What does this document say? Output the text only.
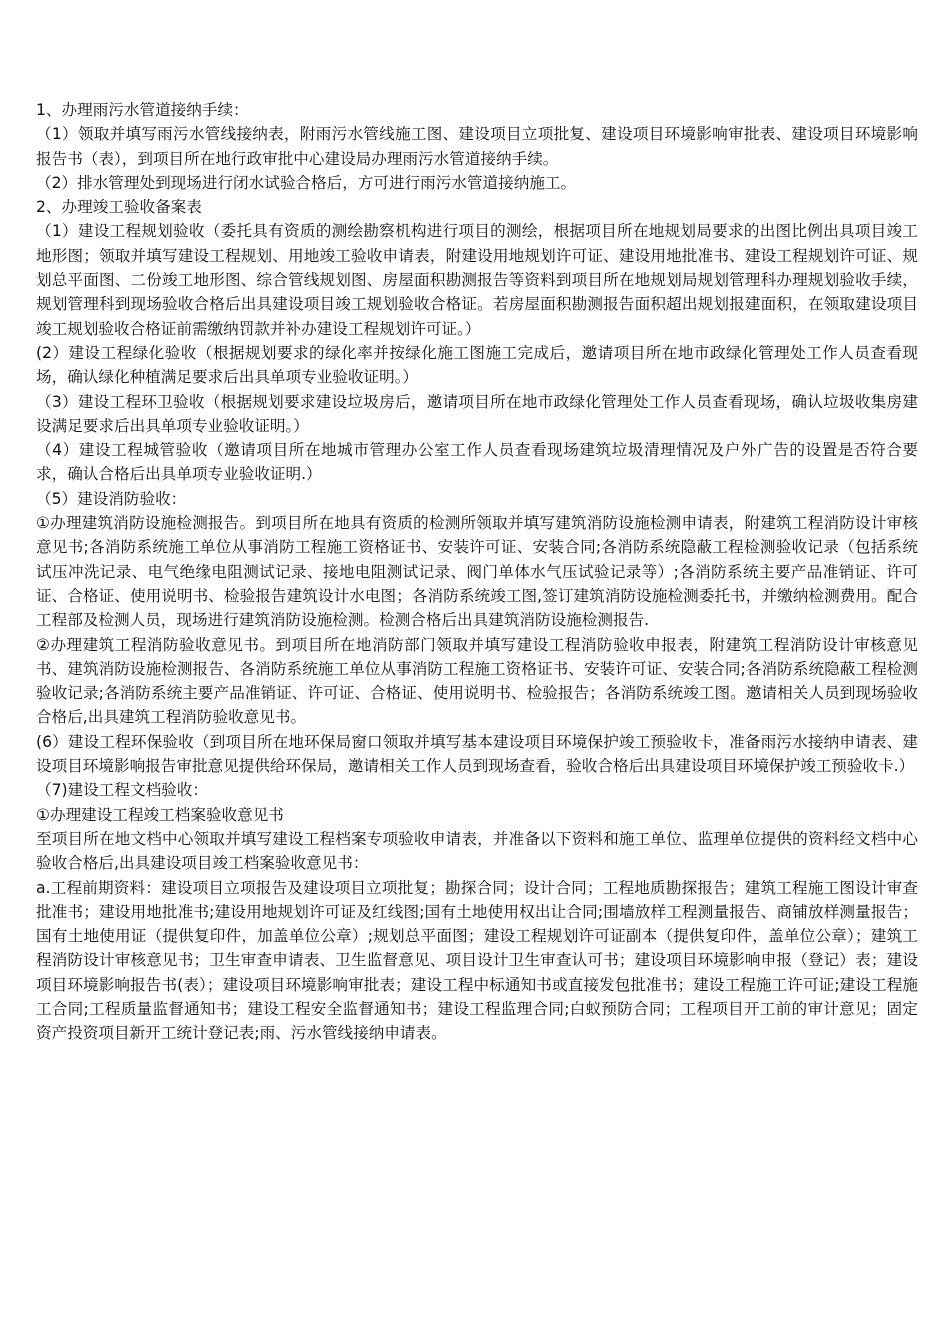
1、办理雨污水管道接纳手续：

（1）领取并填写雨污水管线接纳表，附雨污水管线施工图、建设项目立项批复、建设项目环境影响审批表、建设项目环境影响报告书（表），到项目所在地行政审批中心建设局办理雨污水管道接纳手续。

（2）排水管理处到现场进行闭水试验合格后，方可进行雨污水管道接纳施工。

2、办理竣工验收备案表

（1）建设工程规划验收（委托具有资质的测绘勘察机构进行项目的测绘，根据项目所在地规划局要求的出图比例出具项目竣工地形图；领取并填写建设工程规划、用地竣工验收申请表，附建设用地规划许可证、建设用地批准书、建设工程规划许可证、规划总平面图、二份竣工地形图、综合管线规划图、房屋面积勘测报告等资料到项目所在地规划局规划管理科办理规划验收手续，规划管理科到现场验收合格后出具建设项目竣工规划验收合格证。若房屋面积勘测报告面积超出规划报建面积，在领取建设项目竣工规划验收合格证前需缴纳罚款并补办建设工程规划许可证。）

(2）建设工程绿化验收（根据规划要求的绿化率并按绿化施工图施工完成后，邀请项目所在地市政绿化管理处工作人员查看现场，确认绿化种植满足要求后出具单项专业验收证明。）

（3）建设工程环卫验收（根据规划要求建设垃圾房后，邀请项目所在地市政绿化管理处工作人员查看现场，确认垃圾收集房建设满足要求后出具单项专业验收证明。）

（4）建设工程城管验收（邀请项目所在地城市管理办公室工作人员查看现场建筑垃圾清理情况及户外广告的设置是否符合要求，确认合格后出具单项专业验收证明.）

（5）建设消防验收：

①办理建筑消防设施检测报告。到项目所在地具有资质的检测所领取并填写建筑消防设施检测申请表，附建筑工程消防设计审核意见书;各消防系统施工单位从事消防工程施工资格证书、安装许可证、安装合同;各消防系统隐蔽工程检测验收记录（包括系统试压冲洗记录、电气绝缘电阻测试记录、接地电阻测试记录、阀门单体水气压试验记录等）;各消防系统主要产品准销证、许可证、合格证、使用说明书、检验报告建筑设计水电图；各消防系统竣工图,签订建筑消防设施检测委托书，并缴纳检测费用。配合工程部及检测人员，现场进行建筑消防设施检测。检测合格后出具建筑消防设施检测报告.

②办理建筑工程消防验收意见书。到项目所在地消防部门领取并填写建设工程消防验收申报表，附建筑工程消防设计审核意见书、建筑消防设施检测报告、各消防系统施工单位从事消防工程施工资格证书、安装许可证、安装合同;各消防系统隐蔽工程检测验收记录;各消防系统主要产品准销证、许可证、合格证、使用说明书、检验报告；各消防系统竣工图。邀请相关人员到现场验收合格后,出具建筑工程消防验收意见书。

(6）建设工程环保验收（到项目所在地环保局窗口领取并填写基本建设项目环境保护竣工预验收卡，准备雨污水接纳申请表、建设项目环境影响报告审批意见提供给环保局，邀请相关工作人员到现场查看，验收合格后出具建设项目环境保护竣工预验收卡.）

（7)建设工程文档验收：

①办理建设工程竣工档案验收意见书

至项目所在地文档中心领取并填写建设工程档案专项验收申请表，并准备以下资料和施工单位、监理单位提供的资料经文档中心验收合格后,出具建设项目竣工档案验收意见书：

a.工程前期资料：建设项目立项报告及建设项目立项批复；勘探合同；设计合同；工程地质勘探报告；建筑工程施工图设计审查批准书；建设用地批准书;建设用地规划许可证及红线图;国有土地使用权出让合同;围墙放样工程测量报告、商铺放样测量报告；国有土地使用证（提供复印件，加盖单位公章）;规划总平面图；建设工程规划许可证副本（提供复印件，盖单位公章）；建筑工程消防设计审核意见书；卫生审查申请表、卫生监督意见、项目设计卫生审查认可书；建设项目环境影响申报（登记）表；建设项目环境影响报告书(表）；建设项目环境影响审批表；建设工程中标通知书或直接发包批准书；建设工程施工许可证;建设工程施工合同;工程质量监督通知书；建设工程安全监督通知书；建设工程监理合同;白蚁预防合同；工程项目开工前的审计意见；固定资产投资项目新开工统计登记表;雨、污水管线接纳申请表。
